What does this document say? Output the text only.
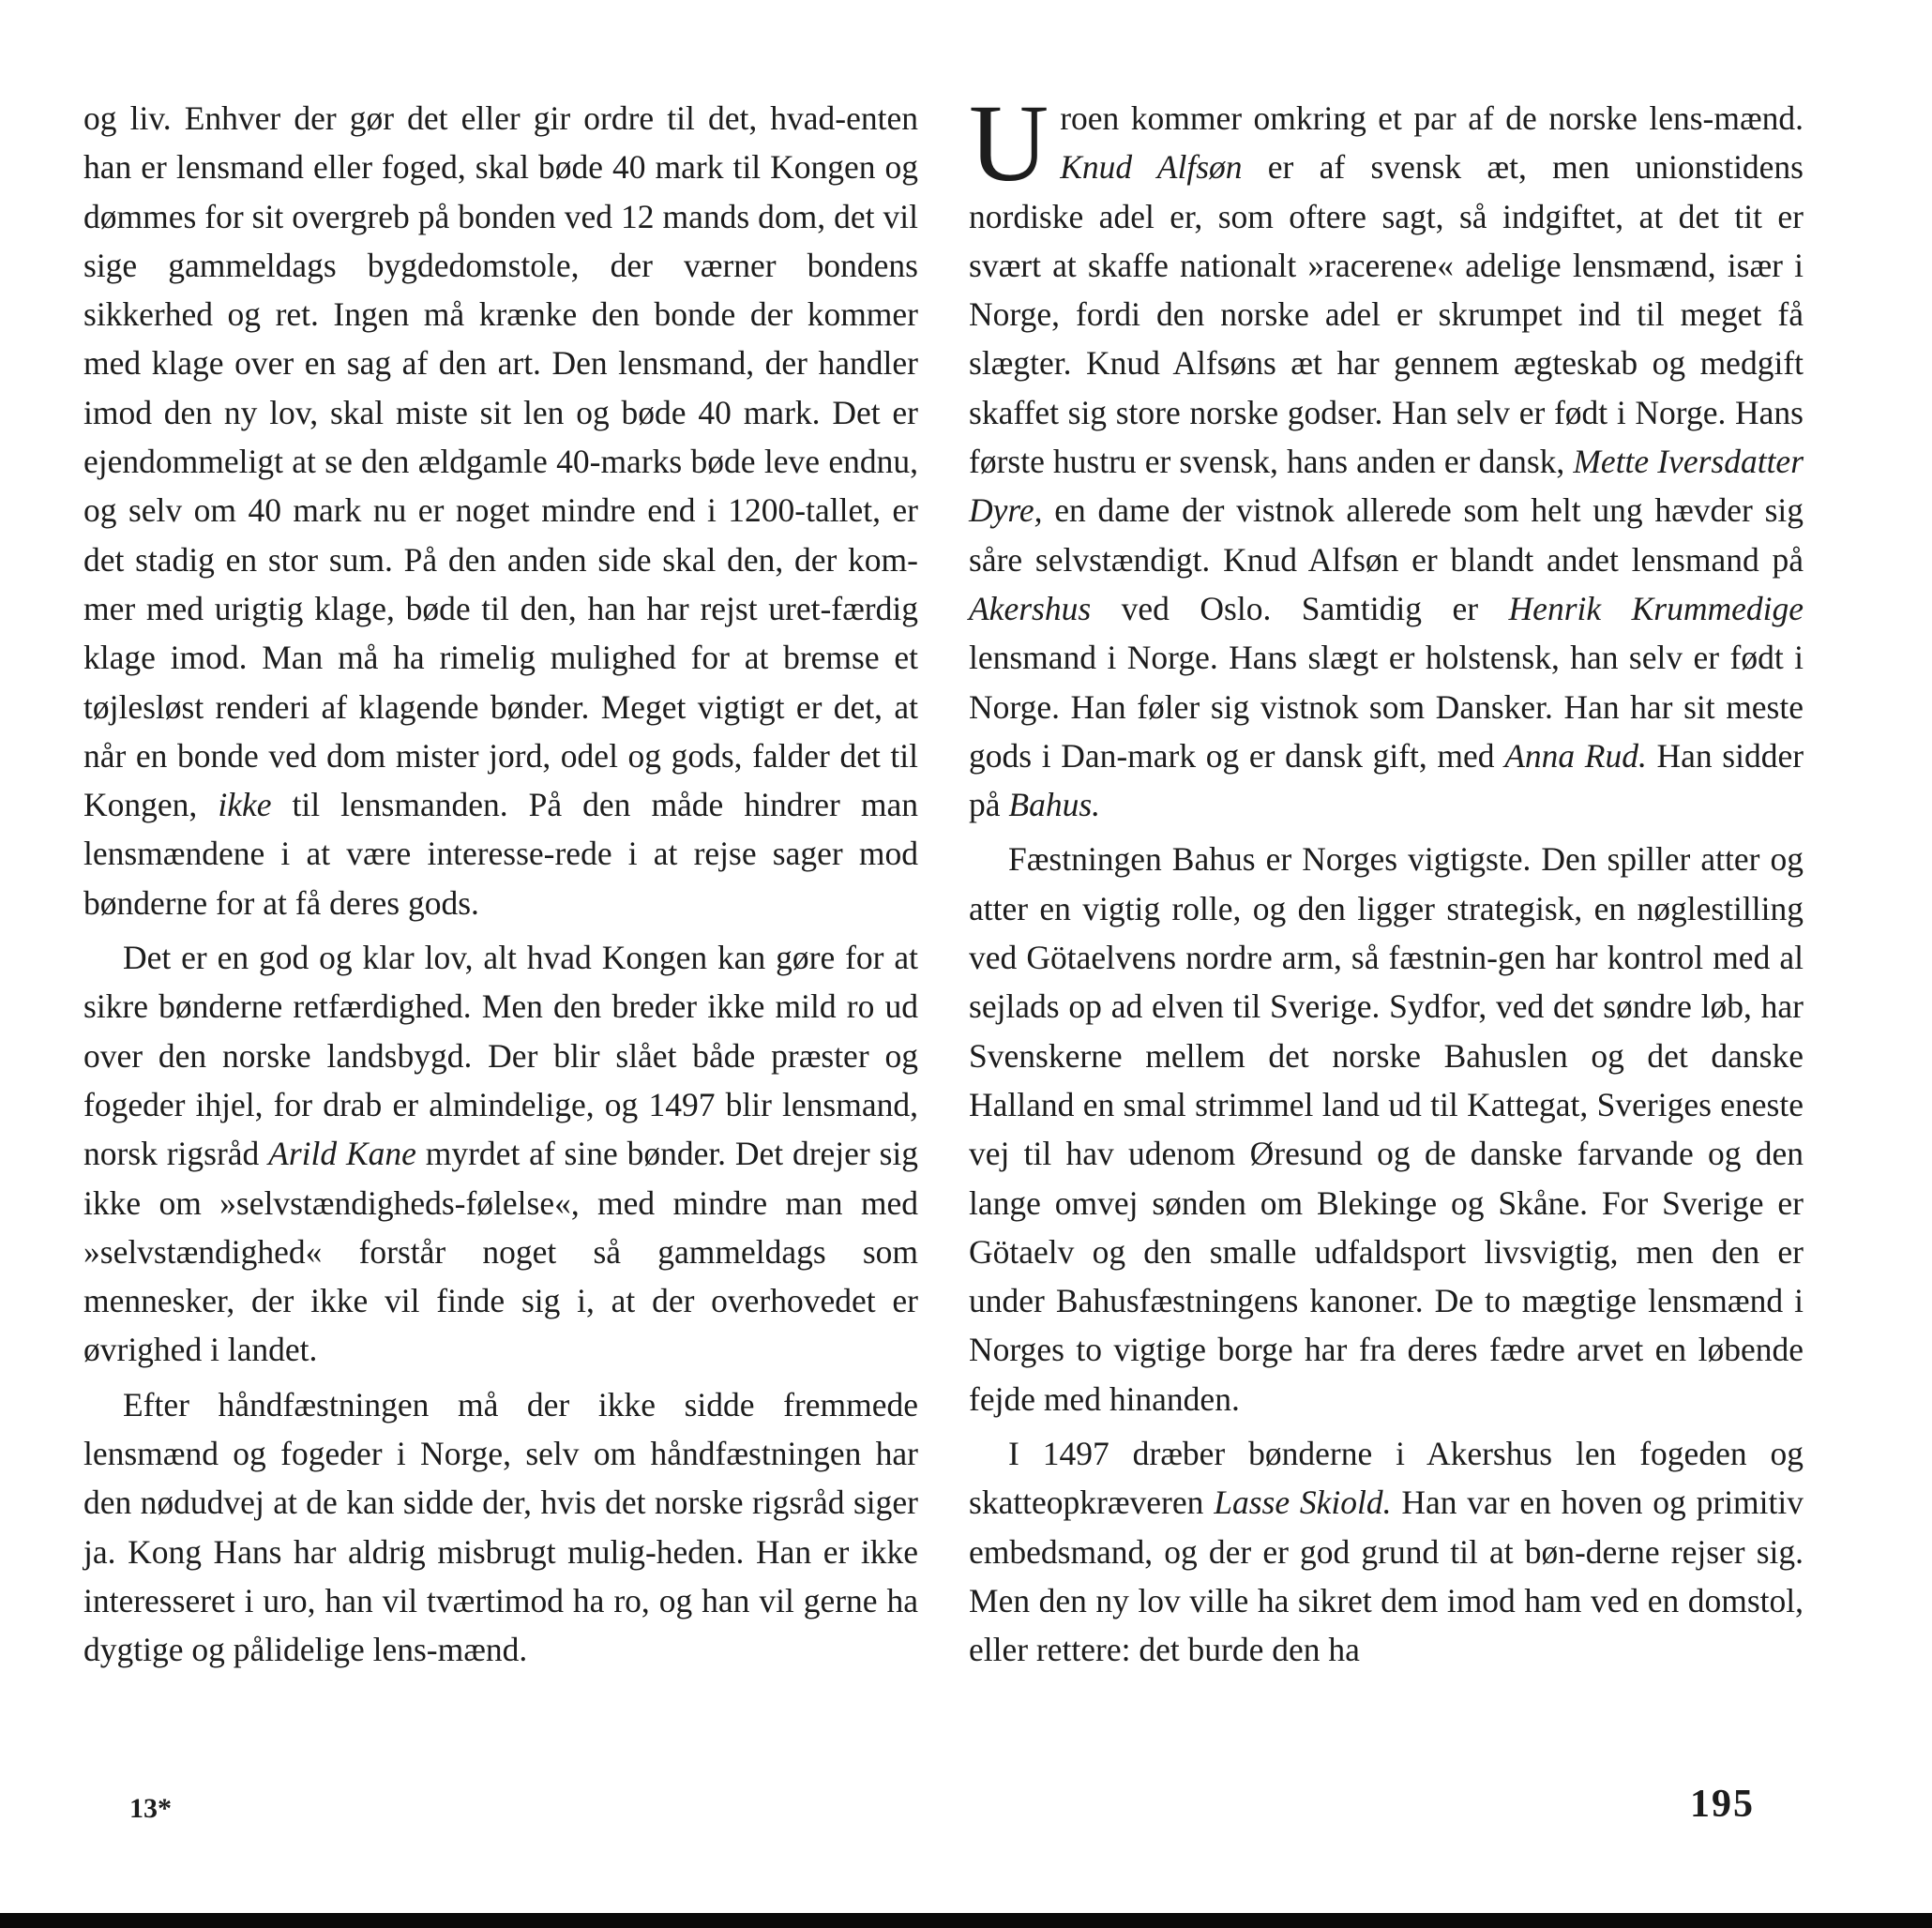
og liv. Enhver der gør det eller gir ordre til det, hvad-enten han er lensmand eller foged, skal bøde 40 mark til Kongen og dømmes for sit overgreb på bonden ved 12 mands dom, det vil sige gammeldags bygdedomstole, der værner bondens sikkerhed og ret. Ingen må krænke den bonde der kommer med klage over en sag af den art. Den lensmand, der handler imod den ny lov, skal miste sit len og bøde 40 mark. Det er ejendommeligt at se den ældgamle 40-marks bøde leve endnu, og selv om 40 mark nu er noget mindre end i 1200-tallet, er det stadig en stor sum. På den anden side skal den, der kom-mer med urigtig klage, bøde til den, han har rejst uret-færdig klage imod. Man må ha rimelig mulighed for at bremse et tøjlesløst renderi af klagende bønder. Meget vigtigt er det, at når en bonde ved dom mister jord, odel og gods, falder det til Kongen, ikke til lensmanden. På den måde hindrer man lensmændene i at være interesse-rede i at rejse sager mod bønderne for at få deres gods.

Det er en god og klar lov, alt hvad Kongen kan gøre for at sikre bønderne retfærdighed. Men den breder ikke mild ro ud over den norske landsbygd. Der blir slået både præster og fogeder ihjel, for drab er almindelige, og 1497 blir lensmand, norsk rigsråd Arild Kane myrdet af sine bønder. Det drejer sig ikke om »selvstændigheds-følelse«, med mindre man med »selvstændighed« forstår noget så gammeldags som mennesker, der ikke vil finde sig i, at der overhovedet er øvrighed i landet.

Efter håndfæstningen må der ikke sidde fremmede lensmænd og fogeder i Norge, selv om håndfæstningen har den nødudvej at de kan sidde der, hvis det norske rigsråd siger ja. Kong Hans har aldrig misbrugt mulig-heden. Han er ikke interesseret i uro, han vil tværtimod ha ro, og han vil gerne ha dygtige og pålidelige lens-mænd.

Uroen kommer omkring et par af de norske lens-mænd. Knud Alfsøn er af svensk æt, men unionstidens nordiske adel er, som oftere sagt, så indgiftet, at det tit er svært at skaffe nationalt »racerene« adelige lensmænd, især i Norge, fordi den norske adel er skrumpet ind til meget få slægter. Knud Alfsøns æt har gennem ægteskab og medgift skaffet sig store norske godser. Han selv er født i Norge. Hans første hustru er svensk, hans anden er dansk, Mette Iversdatter Dyre, en dame der vistnok allerede som helt ung hævder sig såre selvstændigt. Knud Alfsøn er blandt andet lensmand på Akershus ved Oslo. Samtidig er Henrik Krummedige lensmand i Norge. Hans slægt er holstensk, han selv er født i Norge. Han føler sig vistnok som Dansker. Han har sit meste gods i Dan-mark og er dansk gift, med Anna Rud. Han sidder på Bahus.

Fæstningen Bahus er Norges vigtigste. Den spiller atter og atter en vigtig rolle, og den ligger strategisk, en nøglestilling ved Götaelvens nordre arm, så fæstnin-gen har kontrol med al sejlads op ad elven til Sverige. Sydfor, ved det søndre løb, har Svenskerne mellem det norske Bahuslen og det danske Halland en smal strimmel land ud til Kattegat, Sveriges eneste vej til hav udenom Øresund og de danske farvande og den lange omvej sønden om Blekinge og Skåne. For Sverige er Götaelv og den smalle udfaldsport livsvigtig, men den er under Bahusfæstningens kanoner. De to mægtige lensmænd i Norges to vigtige borge har fra deres fædre arvet en løbende fejde med hinanden.

I 1497 dræber bønderne i Akershus len fogeden og skatteopkræveren Lasse Skiold. Han var en hoven og primitiv embedsmand, og der er god grund til at bøn-derne rejser sig. Men den ny lov ville ha sikret dem imod ham ved en domstol, eller rettere: det burde den ha

13*	195
